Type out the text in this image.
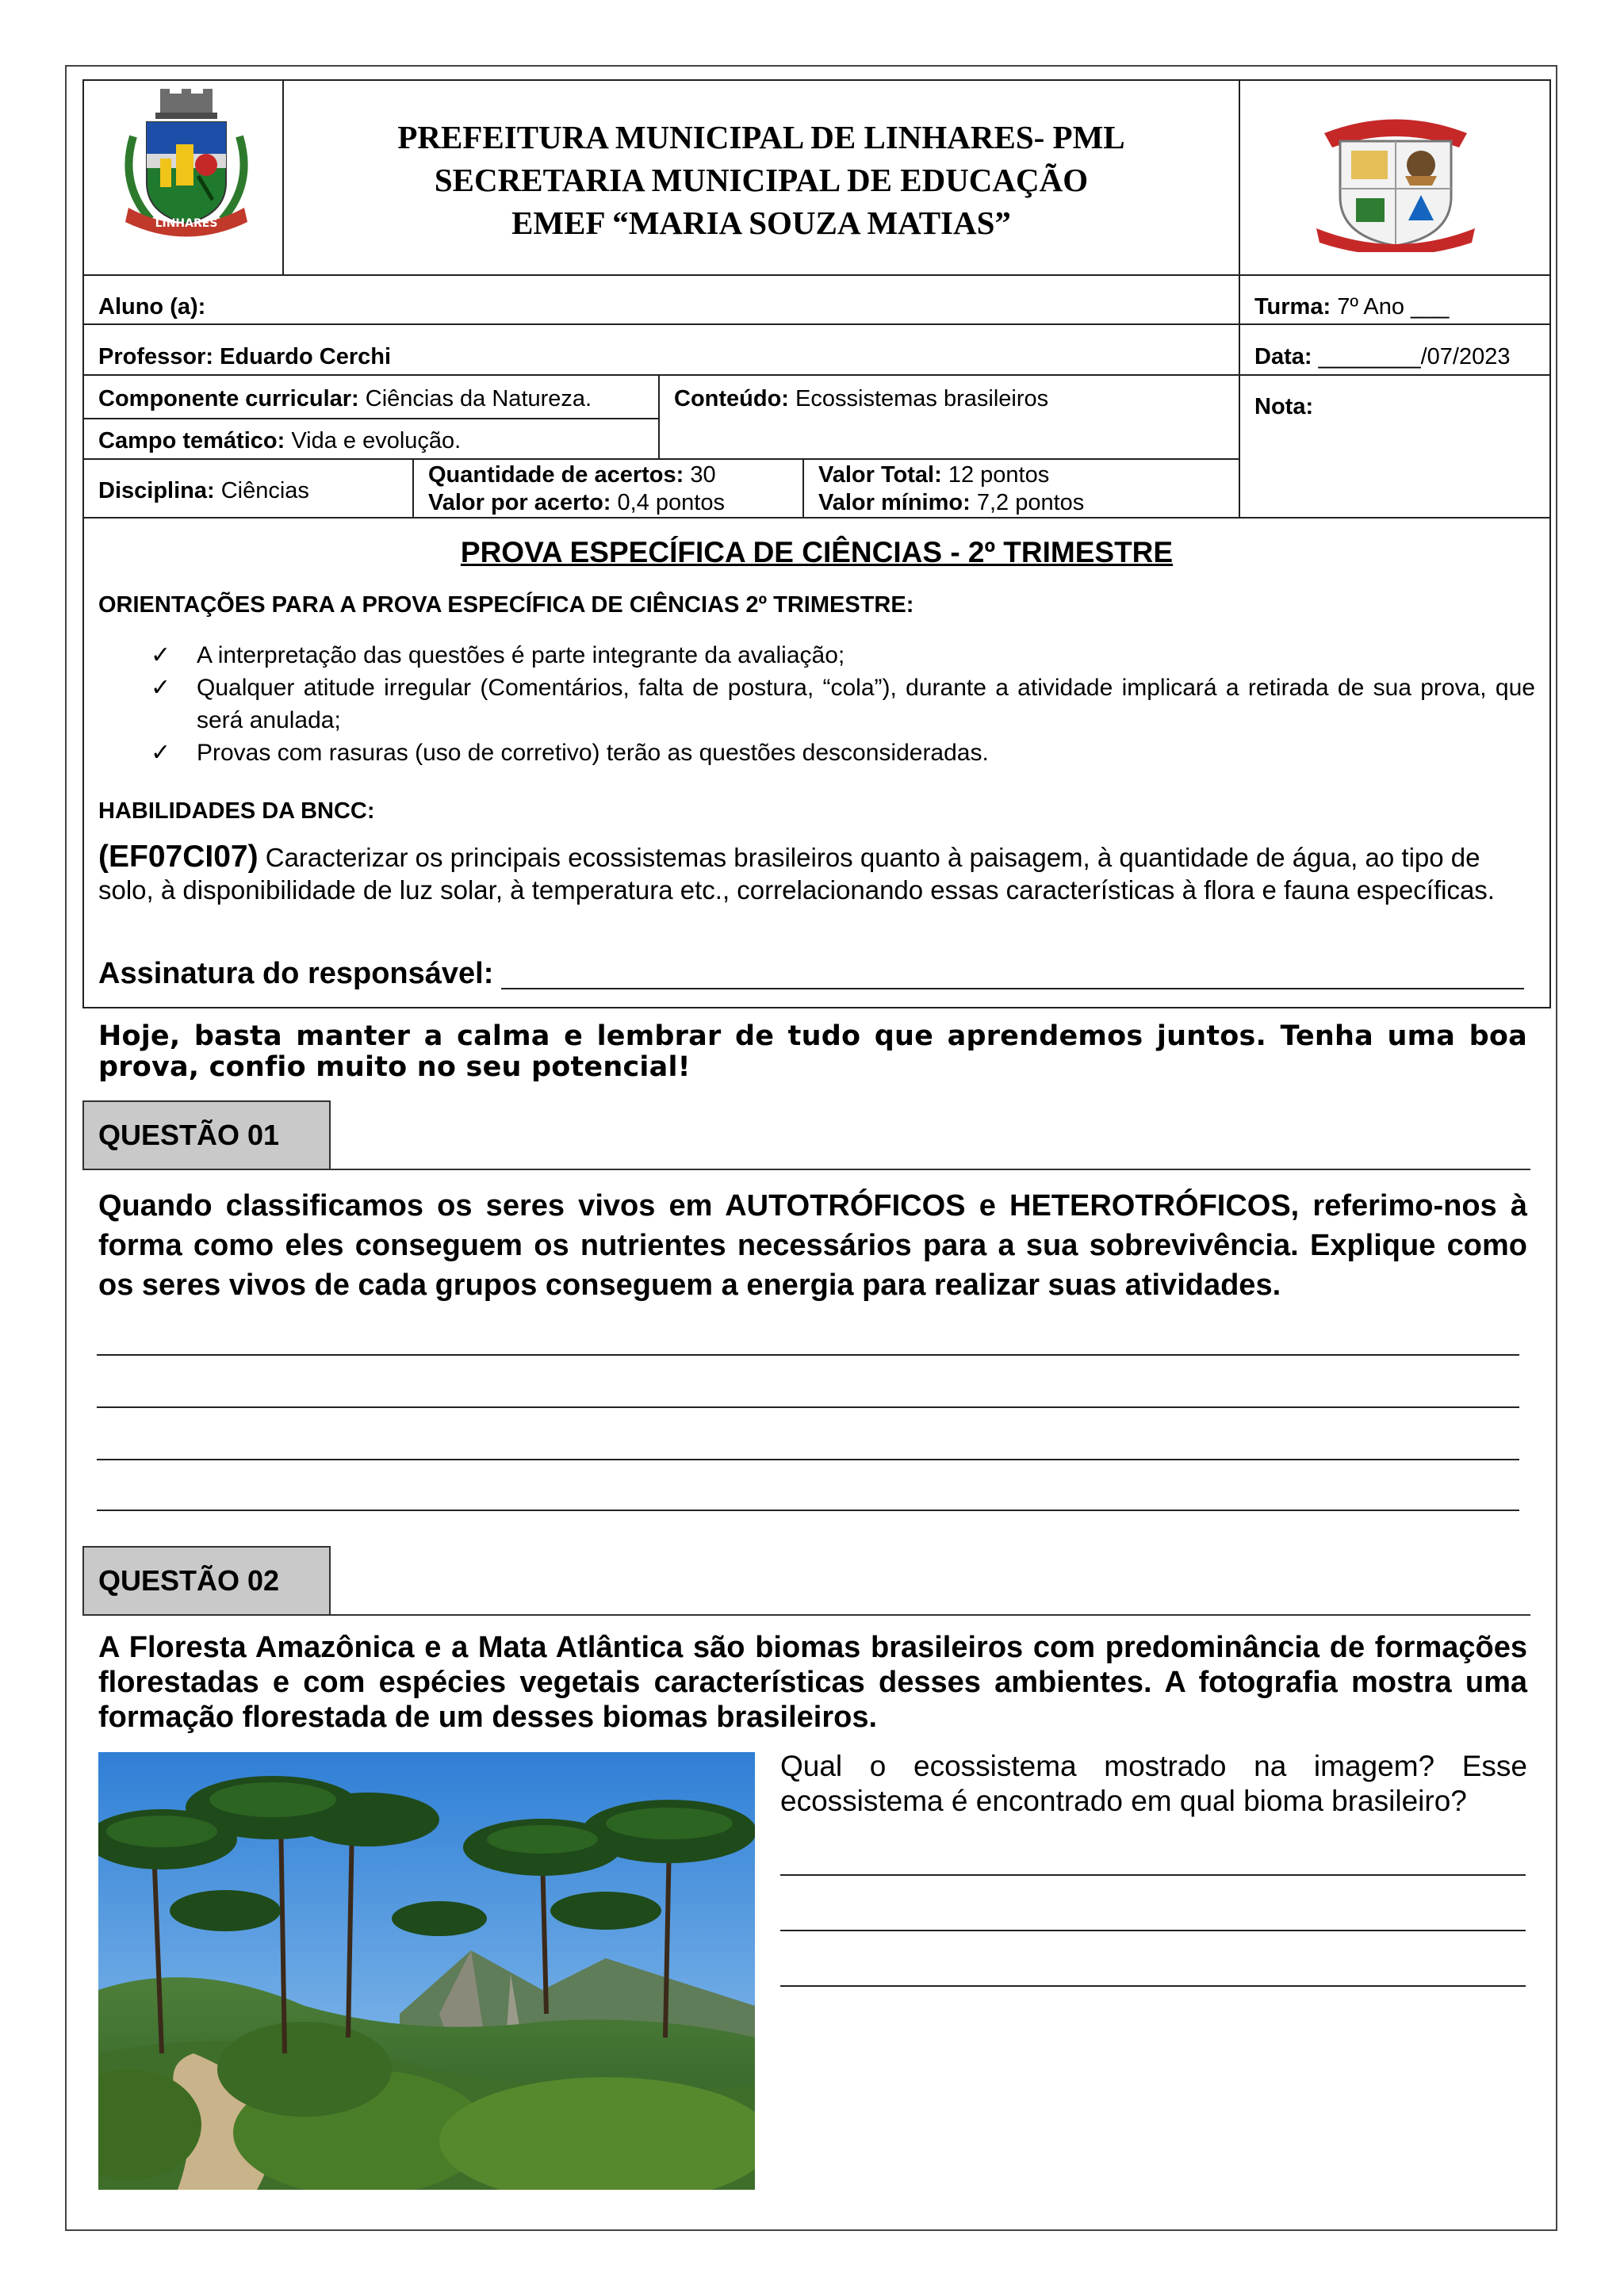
LINHARES
PREFEITURA MUNICIPAL DE LINHARES- PML
SECRETARIA MUNICIPAL DE EDUCAÇÃO
EMEF “MARIA SOUZA MATIAS”
Aluno (a):	Turma: 7º Ano ___
Professor: Eduardo Cerchi	Data: ________/07/2023
Componente curricular: Ciências da Natureza.	Conteúdo: Ecossistemas brasileiros	Nota:
Campo temático: Vida e evolução.
Disciplina: Ciências
Quantidade de acertos: 30
Valor por acerto: 0,4 pontos
Valor Total: 12 pontos
Valor mínimo: 7,2 pontos
PROVA ESPECÍFICA DE CIÊNCIAS - 2º TRIMESTRE
ORIENTAÇÕES PARA A PROVA ESPECÍFICA DE CIÊNCIAS 2º TRIMESTRE:
✓ A interpretação das questões é parte integrante da avaliação;
✓ Qualquer atitude irregular (Comentários, falta de postura, “cola”), durante a atividade implicará a retirada de sua prova, que será anulada;
✓ Provas com rasuras (uso de corretivo) terão as questões desconsideradas.
HABILIDADES DA BNCC:
(EF07CI07) Caracterizar os principais ecossistemas brasileiros quanto à paisagem, à quantidade de água, ao tipo de solo, à disponibilidade de luz solar, à temperatura etc., correlacionando essas características à flora e fauna específicas.
Assinatura do responsável:
Hoje, basta manter a calma e lembrar de tudo que aprendemos juntos. Tenha uma boa prova, confio muito no seu potencial!
QUESTÃO 01
Quando classificamos os seres vivos em AUTOTRÓFICOS e HETEROTRÓFICOS, referimo-nos à forma como eles conseguem os nutrientes necessários para a sua sobrevivência. Explique como os seres vivos de cada grupos conseguem a energia para realizar suas atividades.
QUESTÃO 02
A Floresta Amazônica e a Mata Atlântica são biomas brasileiros com predominância de formações florestadas e com espécies vegetais características desses ambientes. A fotografia mostra uma formação florestada de um desses biomas brasileiros.
Qual o ecossistema mostrado na imagem? Esse ecossistema é encontrado em qual bioma brasileiro?
